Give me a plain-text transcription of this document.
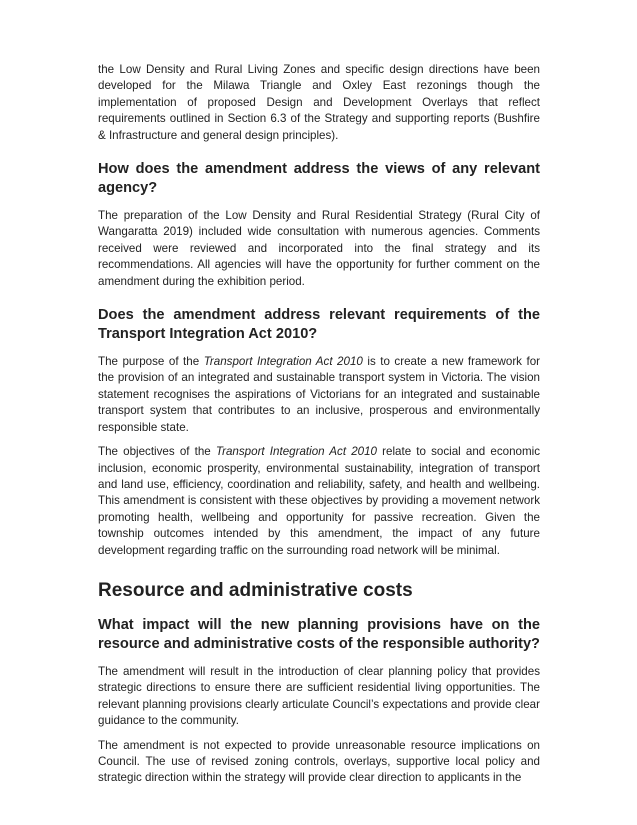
the Low Density and Rural Living Zones and specific design directions have been developed for the Milawa Triangle and Oxley East rezonings though the implementation of proposed Design and Development Overlays that reflect requirements outlined in Section 6.3 of the Strategy and supporting reports (Bushfire & Infrastructure and general design principles).

How does the amendment address the views of any relevant agency?

The preparation of the Low Density and Rural Residential Strategy (Rural City of Wangaratta 2019) included wide consultation with numerous agencies. Comments received were reviewed and incorporated into the final strategy and its recommendations. All agencies will have the opportunity for further comment on the amendment during the exhibition period.

Does the amendment address relevant requirements of the Transport Integration Act 2010?

The purpose of the Transport Integration Act 2010 is to create a new framework for the provision of an integrated and sustainable transport system in Victoria. The vision statement recognises the aspirations of Victorians for an integrated and sustainable transport system that contributes to an inclusive, prosperous and environmentally responsible state.

The objectives of the Transport Integration Act 2010 relate to social and economic inclusion, economic prosperity, environmental sustainability, integration of transport and land use, efficiency, coordination and reliability, safety, and health and wellbeing. This amendment is consistent with these objectives by providing a movement network promoting health, wellbeing and opportunity for passive recreation. Given the township outcomes intended by this amendment, the impact of any future development regarding traffic on the surrounding road network will be minimal.

Resource and administrative costs
What impact will the new planning provisions have on the resource and administrative costs of the responsible authority?

The amendment will result in the introduction of clear planning policy that provides strategic directions to ensure there are sufficient residential living opportunities. The relevant planning provisions clearly articulate Council’s expectations and provide clear guidance to the community.

The amendment is not expected to provide unreasonable resource implications on Council. The use of revised zoning controls, overlays, supportive local policy and strategic direction within the strategy will provide clear direction to applicants in the
